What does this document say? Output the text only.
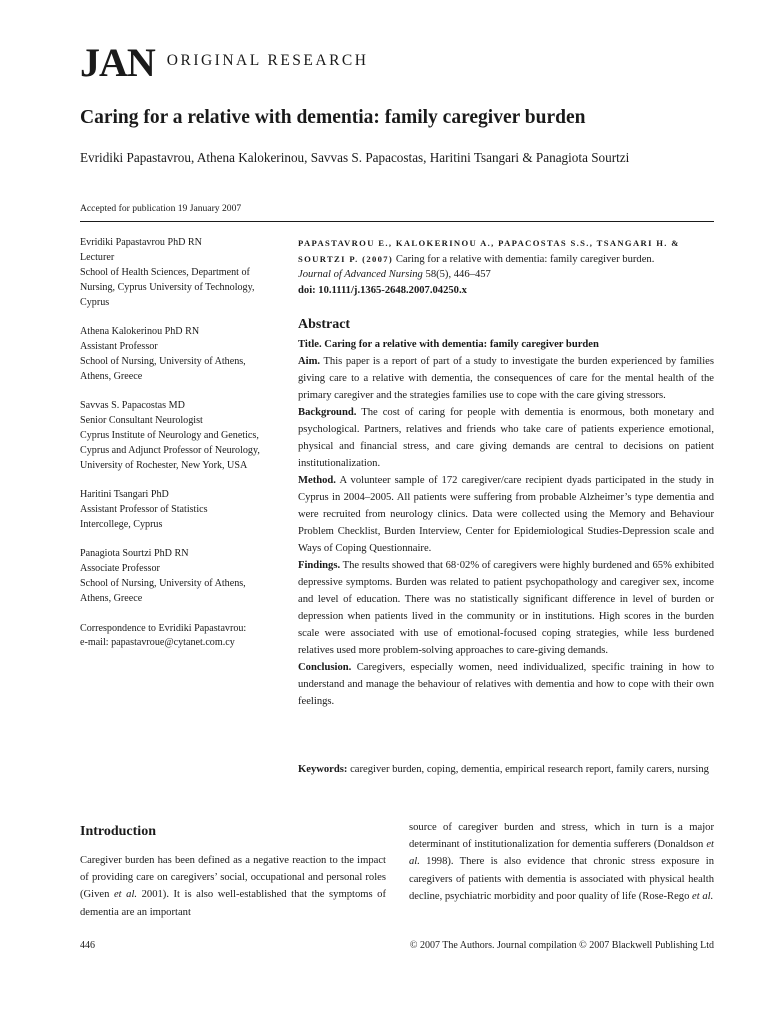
JAN ORIGINAL RESEARCH
Caring for a relative with dementia: family caregiver burden
Evridiki Papastavrou, Athena Kalokerinou, Savvas S. Papacostas, Haritini Tsangari & Panagiota Sourtzi
Accepted for publication 19 January 2007
Evridiki Papastavrou PhD RN
Lecturer
School of Health Sciences, Department of
Nursing, Cyprus University of Technology,
Cyprus
Athena Kalokerinou PhD RN
Assistant Professor
School of Nursing, University of Athens,
Athens, Greece
Savvas S. Papacostas MD
Senior Consultant Neurologist
Cyprus Institute of Neurology and Genetics,
Cyprus and Adjunct Professor of Neurology,
University of Rochester, New York, USA
Haritini Tsangari PhD
Assistant Professor of Statistics
Intercollege, Cyprus
Panagiota Sourtzi PhD RN
Associate Professor
School of Nursing, University of Athens,
Athens, Greece
Correspondence to Evridiki Papastavrou:
e-mail: papastavroue@cytanet.com.cy
PAPASTAVROU E., KALOKERINOU A., PAPACOSTAS S.S., TSANGARI H. & SOURTZI P. (2007) Caring for a relative with dementia: family caregiver burden.
Journal of Advanced Nursing 58(5), 446–457
doi: 10.1111/j.1365-2648.2007.04250.x
Abstract
Title. Caring for a relative with dementia: family caregiver burden
Aim. This paper is a report of part of a study to investigate the burden experienced by families giving care to a relative with dementia, the consequences of care for the mental health of the primary caregiver and the strategies families use to cope with the care giving stressors.
Background. The cost of caring for people with dementia is enormous, both monetary and psychological. Partners, relatives and friends who take care of patients experience emotional, physical and financial stress, and care giving demands are central to decisions on patient institutionalization.
Method. A volunteer sample of 172 caregiver/care recipient dyads participated in the study in Cyprus in 2004–2005. All patients were suffering from probable Alzheimer’s type dementia and were recruited from neurology clinics. Data were collected using the Memory and Behaviour Problem Checklist, Burden Interview, Center for Epidemiological Studies-Depression scale and Ways of Coping Questionnaire.
Findings. The results showed that 68·02% of caregivers were highly burdened and 65% exhibited depressive symptoms. Burden was related to patient psychopathology and caregiver sex, income and level of education. There was no statistically significant difference in level of burden or depression when patients lived in the community or in institutions. High scores in the burden scale were associated with use of emotional-focused coping strategies, while less burdened relatives used more problem-solving approaches to care-giving demands.
Conclusion. Caregivers, especially women, need individualized, specific training in how to understand and manage the behaviour of relatives with dementia and how to cope with their own feelings.
Keywords: caregiver burden, coping, dementia, empirical research report, family carers, nursing
Introduction
Caregiver burden has been defined as a negative reaction to the impact of providing care on caregivers’ social, occupational and personal roles (Given et al. 2001). It is also well-established that the symptoms of dementia are an important
source of caregiver burden and stress, which in turn is a major determinant of institutionalization for dementia sufferers (Donaldson et al. 1998). There is also evidence that chronic stress exposure in caregivers of patients with dementia is associated with physical health decline, psychiatric morbidity and poor quality of life (Rose-Rego et al.
446	© 2007 The Authors. Journal compilation © 2007 Blackwell Publishing Ltd
